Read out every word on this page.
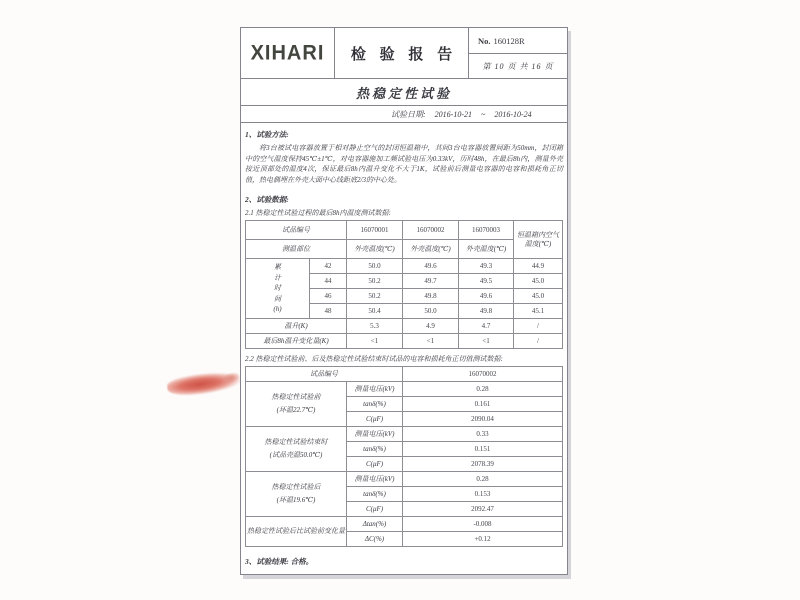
XIHARI	检 验 报 告
No. 160128R
第 10 页 共 16 页
热稳定性试验
试验日期: 2016-10-21 ~ 2016-10-24
1、试验方法:
将3台被试电容器放置于相对静止空气的封闭恒温箱中，其间3台电容器放置间距为50mm，封闭箱中的空气温度保持45℃±1℃，对电容器施加工频试验电压为0.33kV，历时48h，在最后8h内，测量外壳接近顶部处的温度4次，保证最后8h内温升变化不大于1K，试验前后测量电容器的电容和损耗角正切值，热电偶埋在外壳大面中心线距底2/3的中心处。
2、试验数据:
2.1 热稳定性试验过程的最后8h内温度测试数据:
试品编号		16070001	16070002	16070003	恒温箱内空气温度(℃)
测温部位		外壳温度(℃)	外壳温度(℃)	外壳温度(℃)	

累计时间(h)	42	50.0	49.6	49.3	44.9
	44	50.2	49.7	49.5	45.0
	46	50.2	49.8	49.6	45.0
	48	50.4	50.0	49.8	45.1
温升(K)		5.3	4.9	4.7	/
最后8h温升变化量(K)		<1	<1	<1	/
2.2 热稳定性试验前、后及热稳定性试验结束时试品的电容和损耗角正切值测试数据:
试品编号		16070002

热稳定性试验前
(环温22.7℃)	测量电压(kV)	0.28
	tanδ(%)	0.161
	C(μF)	2090.04

热稳定性试验结束时
(试品壳温50.0℃)	测量电压(kV)	0.33
	tanδ(%)	0.151
	C(μF)	2078.39

热稳定性试验后
(环温19.6℃)	测量电压(kV)	0.28
	tanδ(%)	0.153
	C(μF)	2092.47

热稳定性试验后比试验前变化量	Δtan(%)	-0.008
	ΔC(%)	+0.12
3、试验结果: 合格。
